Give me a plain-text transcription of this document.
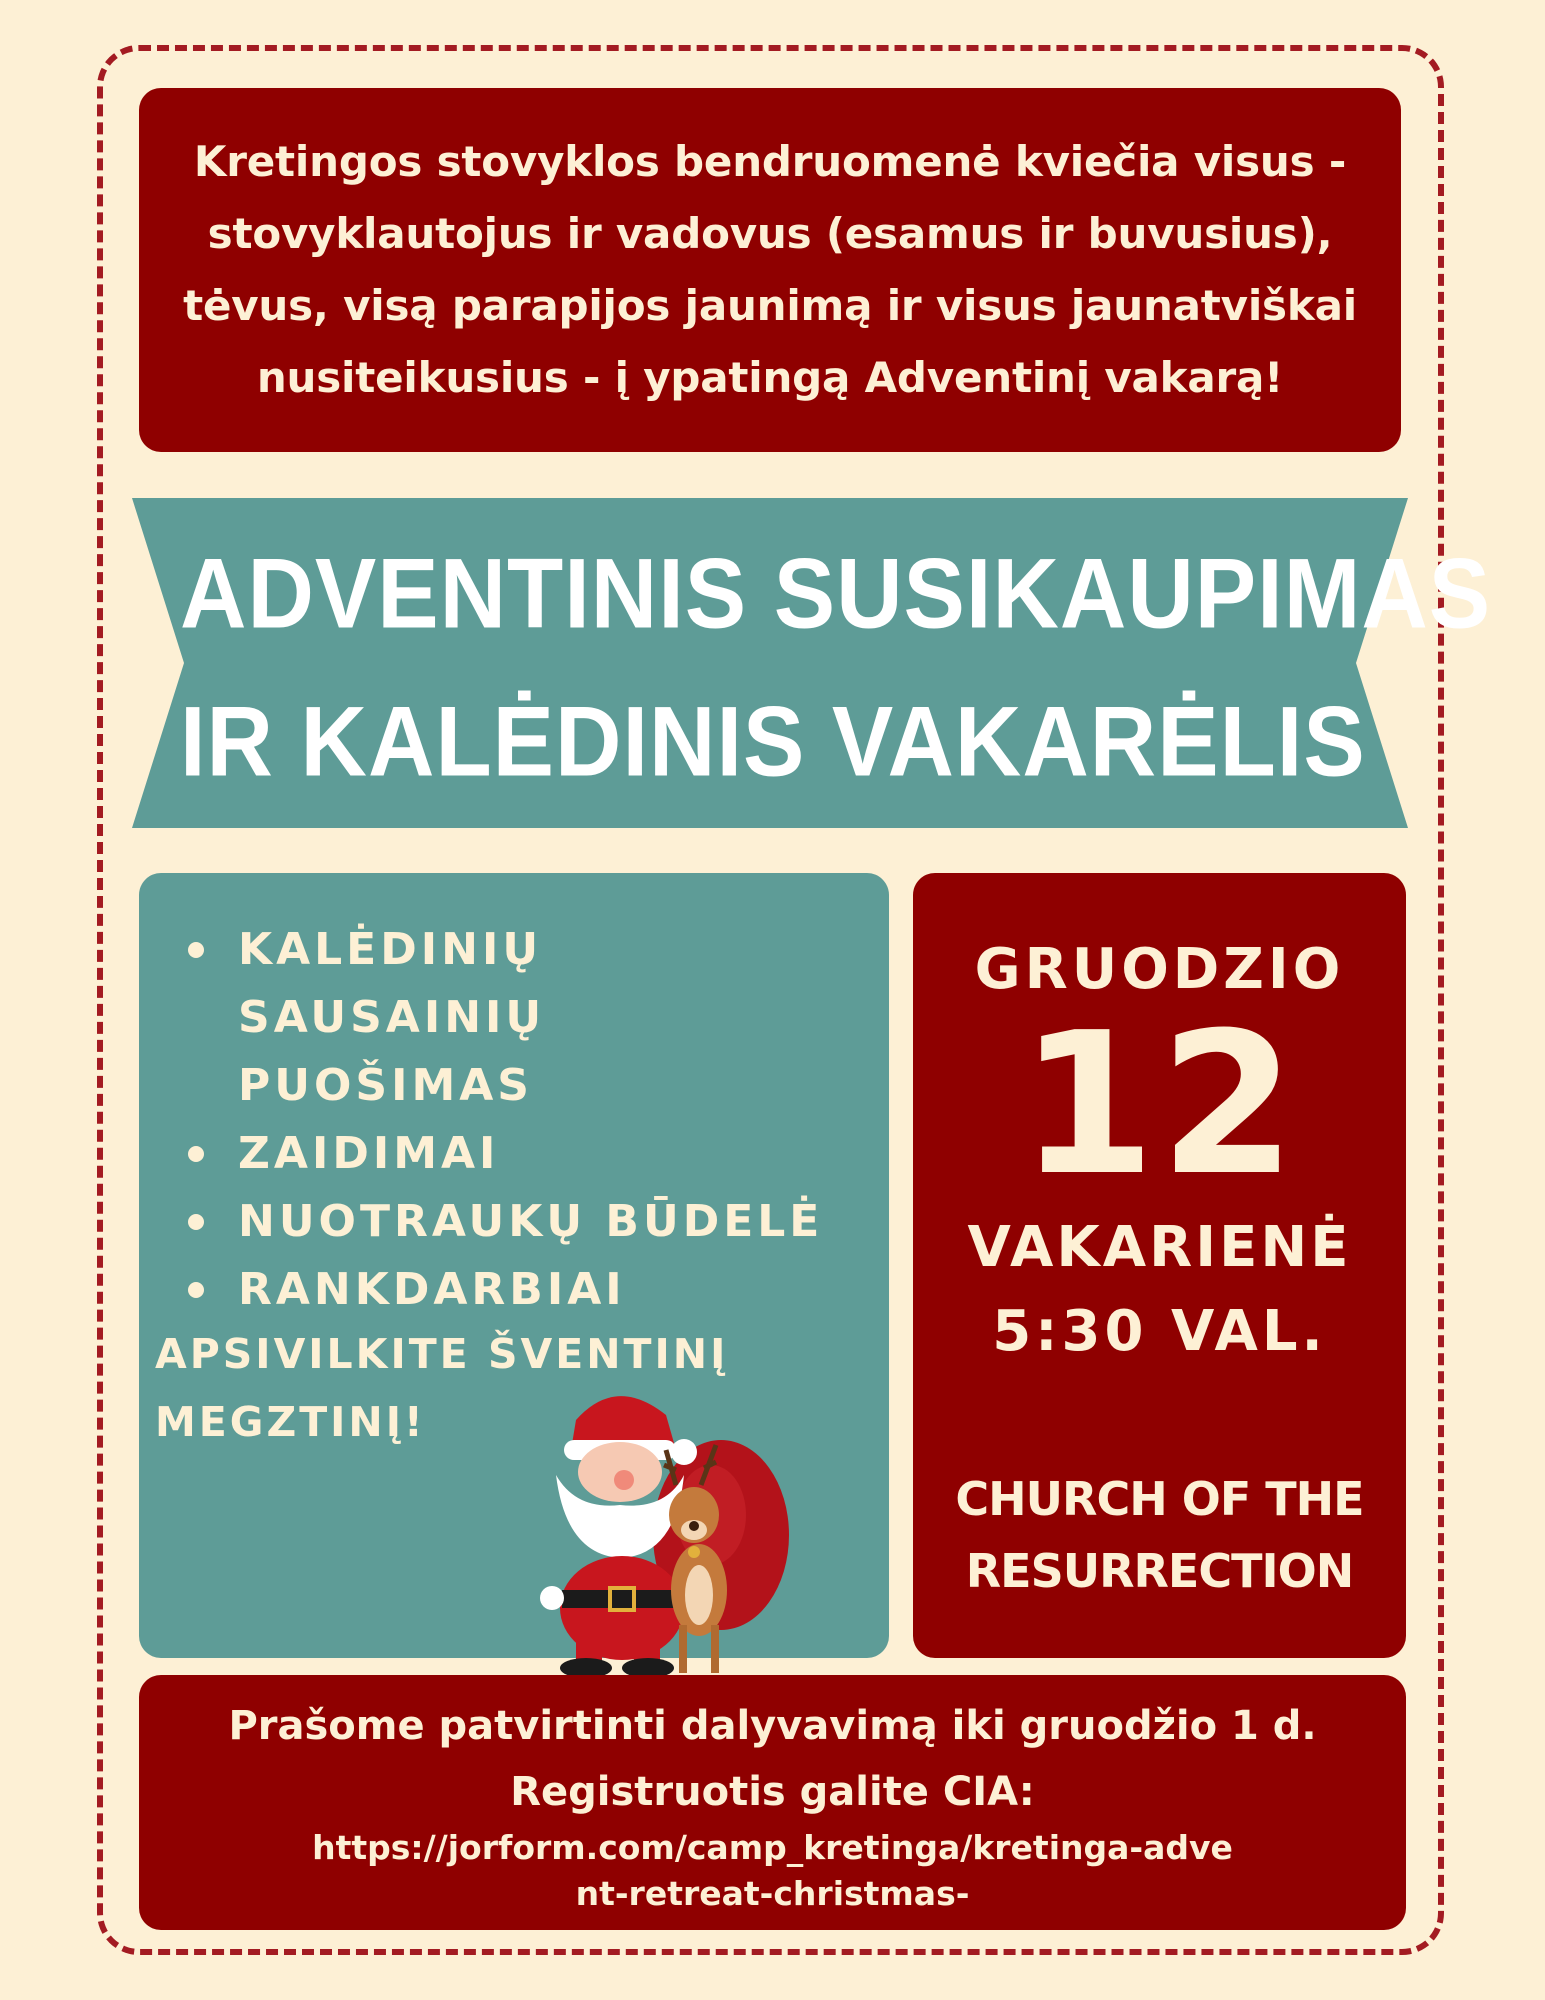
Kretingos stovyklos bendruomenė kviečia visus - stovyklautojus ir vadovus (esamus ir buvusius), tėvus, visą parapijos jaunimą ir visus jaunatviškai nusiteikusius - į ypatingą Adventinį vakarą!

ADVENTINIS SUSIKAUPIMAS
IR KALĖDINIS VAKARĖLIS
KALĖDINIŲ SAUSAINIŲ PUOŠIMAS
ZAIDIMAI
NUOTRAUKŲ BŪDELĖ
RANKDARBIAI

APSIVILKITE ŠVENTINĮ MEGZTINĮ!

GRUODZIO
12
VAKARIENĖ
5:30 VAL.
CHURCH OF THE RESURRECTION
Prašome patvirtinti dalyvavimą iki gruodžio 1 d.
Registruotis galite CIA:
https://jorform.com/camp_kretinga/kretinga-advent-retreat-christmas-
